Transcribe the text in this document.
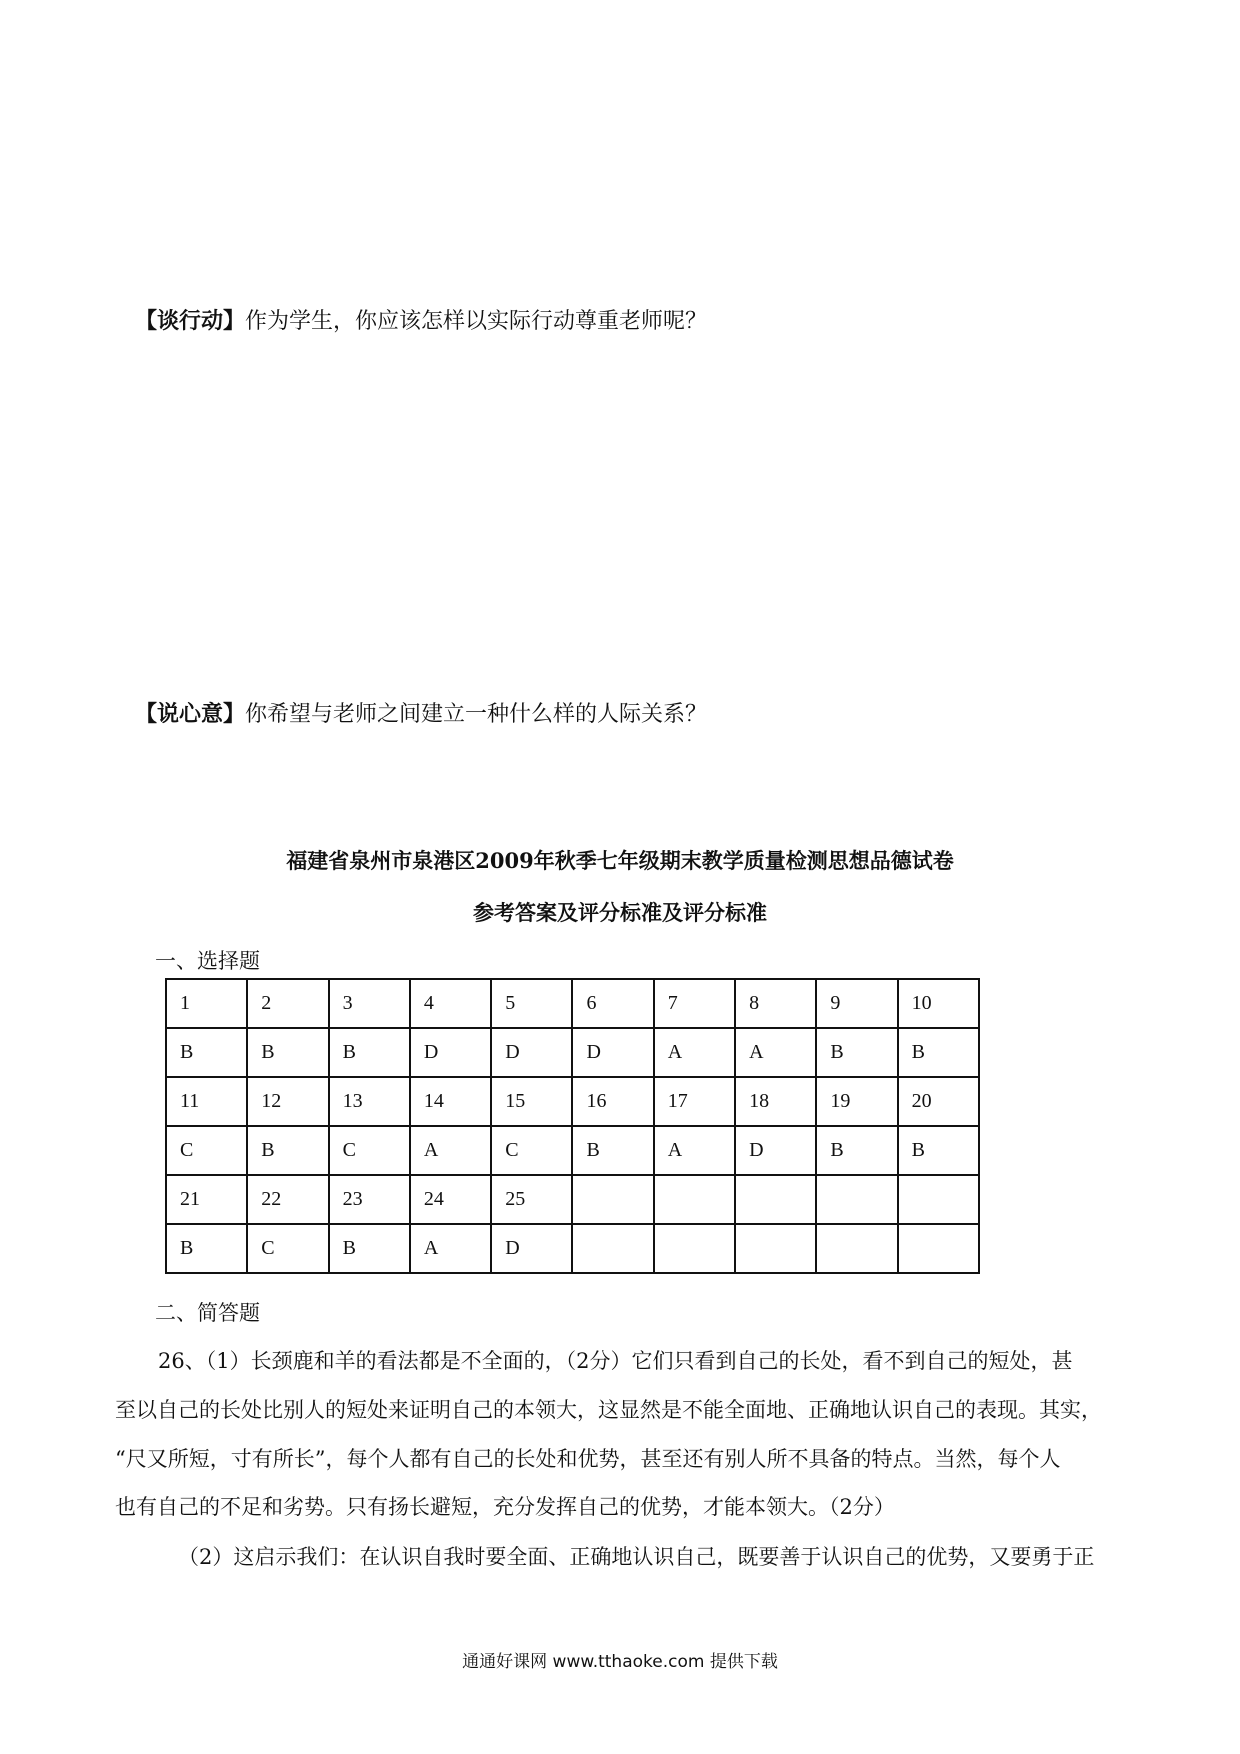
【谈行动】作为学生，你应该怎样以实际行动尊重老师呢？
【说心意】你希望与老师之间建立一种什么样的人际关系？
福建省泉州市泉港区2009年秋季七年级期末教学质量检测思想品德试卷
参考答案及评分标准及评分标准
一、选择题
1	2	3	4	5	6	7	8	9	10
B	B	B	D	D	D	A	A	B	B
11	12	13	14	15	16	17	18	19	20
C	B	C	A	C	B	A	D	B	B
21	22	23	24	25					
B	C	B	A	D					
二、简答题
26、（1）长颈鹿和羊的看法都是不全面的，（2分）它们只看到自己的长处，看不到自己的短处，甚
至以自己的长处比别人的短处来证明自己的本领大，这显然是不能全面地、正确地认识自己的表现。其实，
“尺又所短，寸有所长”，每个人都有自己的长处和优势，甚至还有别人所不具备的特点。当然，每个人
也有自己的不足和劣势。只有扬长避短，充分发挥自己的优势，才能本领大。（2分）
（2）这启示我们：在认识自我时要全面、正确地认识自己，既要善于认识自己的优势，又要勇于正
通通好课网 www.tthaoke.com 提供下载
